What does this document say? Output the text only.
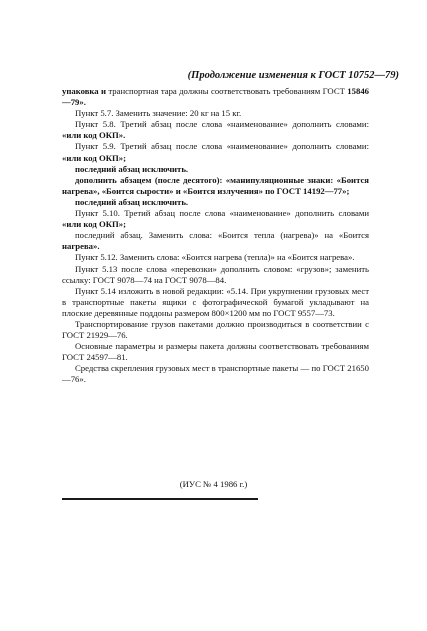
(Продолжение изменения к ГОСТ 10752—79)

упаковка и транспортная тара должны соответствовать требованиям ГОСТ 15846—79».

Пункт 5.7. Заменить значение: 20 кг на 15 кг.

Пункт 5.8. Третий абзац после слова «наименование» дополнить словами: «или код ОКП».

Пункт 5.9. Третий абзац после слова «наименование» дополнить словами: «или код ОКП»;

последний абзац исключить.

дополнить абзацем (после десятого): «манипуляционные знаки: «Боится нагрева», «Боится сырости» и «Боится излучения» по ГОСТ 14192—77»;

последний абзац исключить.

Пункт 5.10. Третий абзац после слова «наименование» дополнить словами «или код ОКП»;

последний абзац. Заменить слова: «Боится тепла (нагрева)» на «Боится нагрева».

Пункт 5.12. Заменить слова: «Боится нагрева (тепла)» на «Боится нагрева».

Пункт 5.13 после слова «перевозки» дополнить словом: «грузов»; заменить ссылку: ГОСТ 9078—74 на ГОСТ 9078—84.

Пункт 5.14 изложить в новой редакции: «5.14. При укрупнении грузовых мест в транспортные пакеты ящики с фотографической бумагой укладывают на плоские деревянные поддоны размером 800×1200 мм по ГОСТ 9557—73.

Транспортирование грузов пакетами должно производиться в соответствии с ГОСТ 21929—76.

Основные параметры и размеры пакета должны соответствовать требованиям ГОСТ 24597—81.

Средства скрепления грузовых мест в транспортные пакеты — по ГОСТ 21650—76».

(ИУС № 4 1986 г.)
